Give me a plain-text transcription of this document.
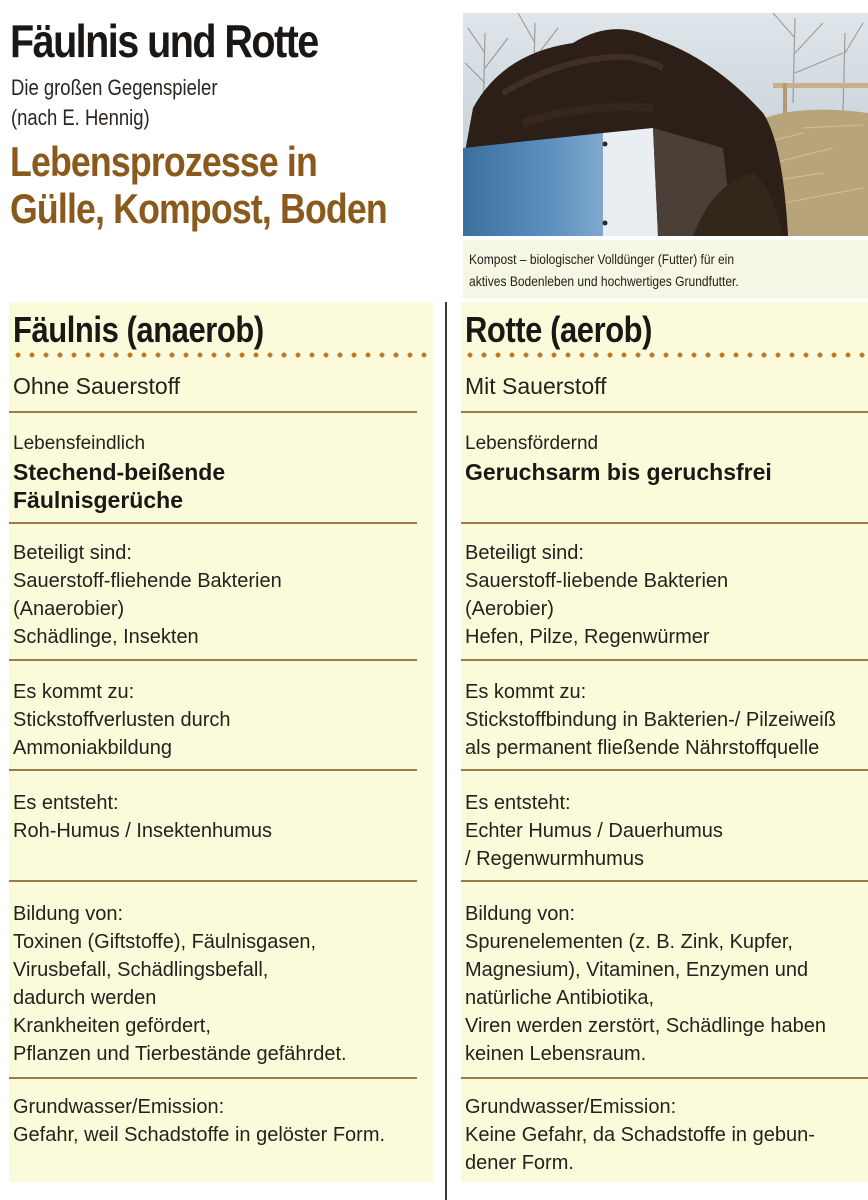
Fäulnis und Rotte
Die großen Gegenspieler
(nach E. Hennig)
Lebensprozesse in
Gülle, Kompost, Boden
Kompost – biologischer Volldünger (Futter) für ein
aktives Bodenleben und hochwertiges Grundfutter.
Fäulnis (anaerob)
Ohne Sauerstoff
Lebensfeindlich
Stechend-beißende
Fäulnisgerüche
Beteiligt sind:
Sauerstoff-fliehende Bakterien
(Anaerobier)
Schädlinge, Insekten
Es kommt zu:
Stickstoffverlusten durch
Ammoniakbildung
Es entsteht:
Roh-Humus / Insektenhumus
Bildung von:
Toxinen (Giftstoffe), Fäulnisgasen,
Virusbefall, Schädlingsbefall,
dadurch werden
Krankheiten gefördert,
Pflanzen und Tierbestände gefährdet.
Grundwasser/Emission:
Gefahr, weil Schadstoffe in gelöster Form.
Rotte (aerob)
Mit Sauerstoff
Lebensfördernd
Geruchsarm bis geruchsfrei
Beteiligt sind:
Sauerstoff-liebende Bakterien
(Aerobier)
Hefen, Pilze, Regenwürmer
Es kommt zu:
Stickstoffbindung in Bakterien-/ Pilzeiweiß
als permanent fließende Nährstoffquelle
Es entsteht:
Echter Humus / Dauerhumus
/ Regenwurmhumus
Bildung von:
Spurenelementen (z. B. Zink, Kupfer,
Magnesium), Vitaminen, Enzymen und
natürliche Antibiotika,
Viren werden zerstört, Schädlinge haben
keinen Lebensraum.
Grundwasser/Emission:
Keine Gefahr, da Schadstoffe in gebun-
dener Form.
